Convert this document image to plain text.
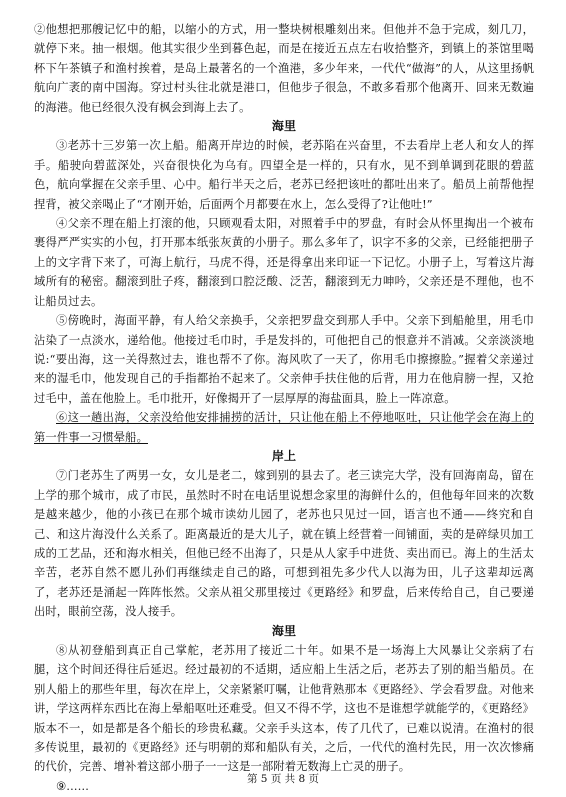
②他想把那艘记忆中的船，以缩小的方式，用一整块树根雕刻出来。但他并不急于完成，刻几刀，就停下来。抽一根烟。他其实很少坐到暮色起，而是在接近五点左右收拾整齐，到镇上的茶馆里喝杯下午茶镇子和渔村挨着，是岛上最著名的一个渔港，多少年来，一代代“做海”的人，从这里扬帆航向广袤的南中国海。穿过村头往北就是港口，但他步子很急，不敢多看那个他离开、回来无数遍的海港。他已经很久没有枫会到海上去了。

海里

③老苏十三岁第一次上船。船离开岸边的时候，老苏陷在兴奋里，不去看岸上老人和女人的挥手。船驶向碧蓝深处，兴奋很快化为乌有。四望全是一样的，只有水，见不到单调到花眼的碧蓝色，航向掌握在父亲手里、心中。船行半天之后，老苏已经把该吐的都吐出来了。船员上前帮他捏捏背，被父亲喝止了“才刚开始，后面两个月都要在水上，怎么受得了?让他吐!”

④父亲不理在船上打滚的他，只顾观看太阳，对照着手中的罗盘，有时会从怀里掏出一个被布裹得严严实实的小包，打开那本纸张灰黄的小册子。那么多年了，识字不多的父亲，已经能把册子上的文字背下来了，可海上航行，马虎不得，还是得拿出来印证一下记忆。小册子上，写着这片海域所有的秘密。翻滚到肚子疼，翻滚到口腔泛酸、泛苦，翻滚到无力呻吟，父亲还是不理他，也不让船员过去。

⑤傍晚时，海面平静，有人给父亲换手，父亲把罗盘交到那人手中。父亲下到船舱里，用毛巾沾染了一点淡水，递给他。他接过毛巾时，手是发抖的，可他把自己的恨意并不消减。父亲淡淡地说:“要出海，这一关得熬过去，谁也帮不了你。海风吹了一天了，你用毛巾擦擦脸。”握着父亲递过来的湿毛巾，他发现自己的手指都抬不起来了。父亲伸手扶住他的后背，用力在他肩膀一捏，又抢过毛中，盖在他脸上。毛巾批开，好像揭开了一层厚厚的海盐面具，脸上一阵凉意。

⑥这一趟出海，父亲没给他安排捕捞的活计，只让他在船上不停地呕吐，只让他学会在海上的第一件事一习惯晕船。

岸上

⑦门老苏生了两男一女，女儿是老二，嫁到别的县去了。老三读完大学，没有回海南岛，留在上学的那个城市，成了市民，虽然时不时在电话里说想念家里的海鲜什么的，但他每年回来的次数是越来越少，他的小孩已在那个城市读幼儿园了，老苏也只见过一回，语言也不通——终究和自己、和这片海没什么关系了。距离最近的是大儿子，就在镇上经营着一间铺面，卖的是碎绿贝加工成的工艺品，还和海水相关，但他已经不出海了，只是从人家手中进货、卖出而已。海上的生活太辛苦，老苏自然不愿儿孙们再继续走自己的路，可想到祖先多少代人以海为田，儿子这辈却远离了，老苏还是涌起一阵阵怅然。父亲从祖父那里接过《更路经》和罗盘，后来传给自己，自己要递出时，眼前空荡，没人接手。

海里

⑧从初登船到真正自己掌舵，老苏用了接近二十年。如果不是一场海上大风暴让父亲病了右腿，这个时间还得往后延迟。经过最初的不适期，适应船上生活之后，老苏去了别的船当船员。在别人船上的那些年里，每次在岸上，父亲紧紧叮嘱，让他背熟那本《更路经》、学会看罗盘。对他来讲，学这两样东西比在海上晕船呕吐还难受。但又不得不学，这也不是谁想学就能学的，《更路经》版本不一，如是都是各个船长的珍贵私藏。父亲手头这本，传了几代了，已难以说清。在渔村的很多传说里，最初的《更路经》还与明朝的郑和船队有关，之后，一代代的渔村先民，用一次次惨痛的代价，完善、增补着这部小册子一一这是一部附着无数海上亡灵的册子。

⑨……

第 5 页 共 8 页
